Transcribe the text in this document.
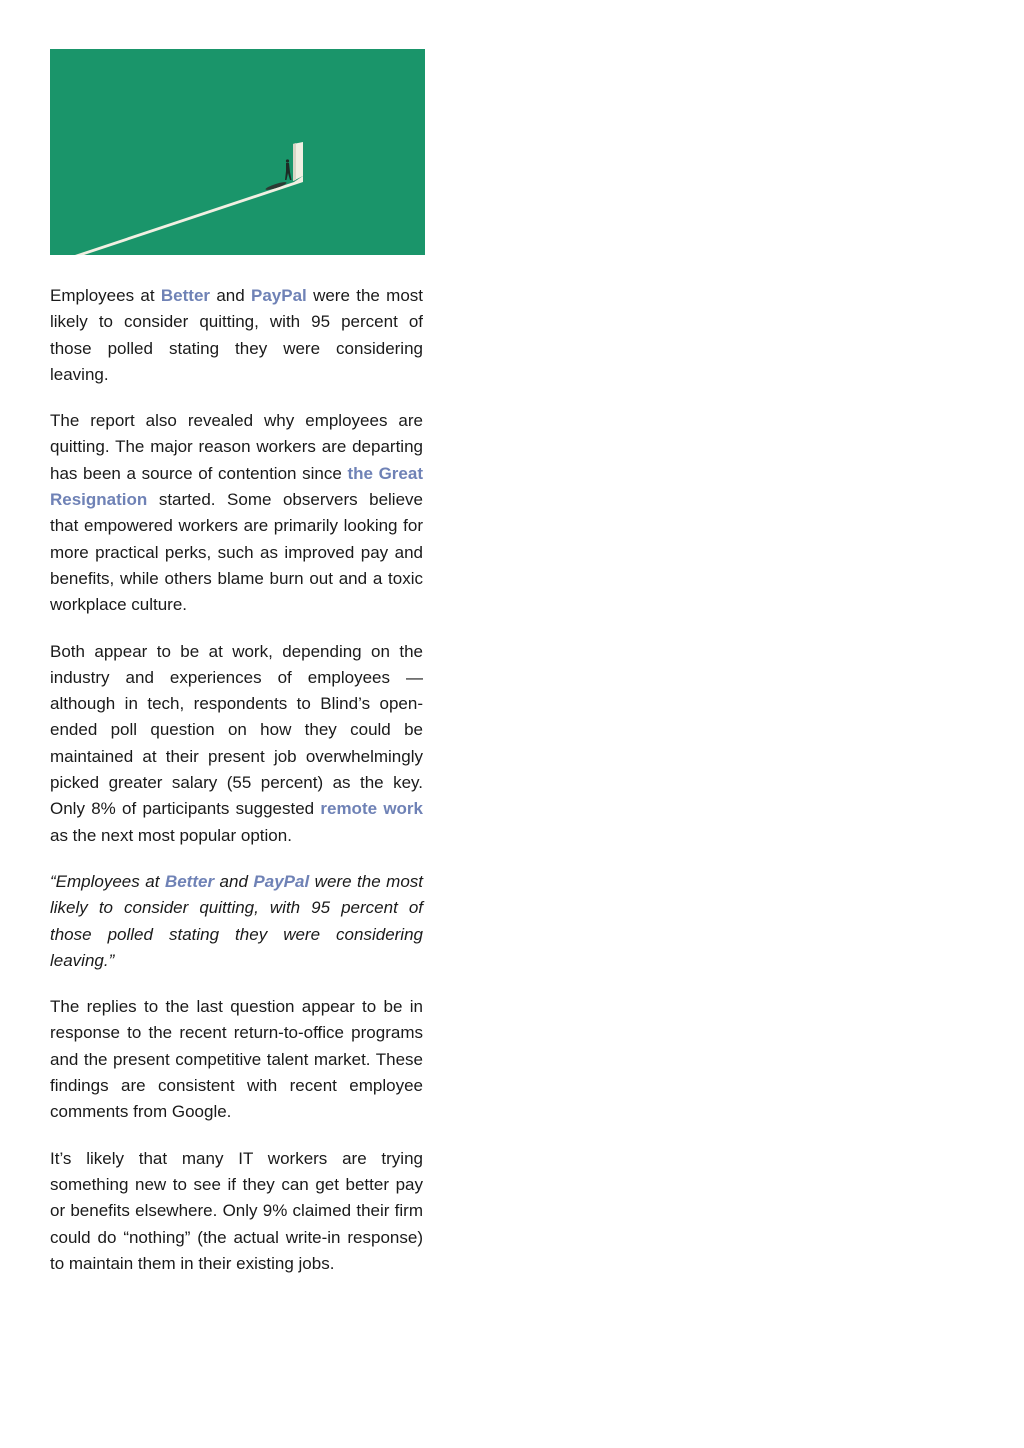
Employees at Better and PayPal were the most likely to consider quitting, with 95 percent of those polled stating they were considering leaving.

The report also revealed why employees are quitting. The major reason workers are departing has been a source of contention since the Great Resignation started. Some observers believe that empowered workers are primarily looking for more practical perks, such as improved pay and benefits, while others blame burn out and a toxic workplace culture.

Both appear to be at work, depending on the industry and experiences of employees — although in tech, respondents to Blind’s open-ended poll question on how they could be maintained at their present job overwhelmingly picked greater salary (55 percent) as the key. Only 8% of participants suggested remote work as the next most popular option.

“Employees at Better and PayPal were the most likely to consider quitting, with 95 percent of those polled stating they were considering leaving.”

The replies to the last question appear to be in response to the recent return-to-office programs and the present competitive talent market. These findings are consistent with recent employee comments from Google.

It’s likely that many IT workers are trying something new to see if they can get better pay or benefits elsewhere. Only 9% claimed their firm could do “nothing” (the actual write-in response) to maintain them in their existing jobs.
